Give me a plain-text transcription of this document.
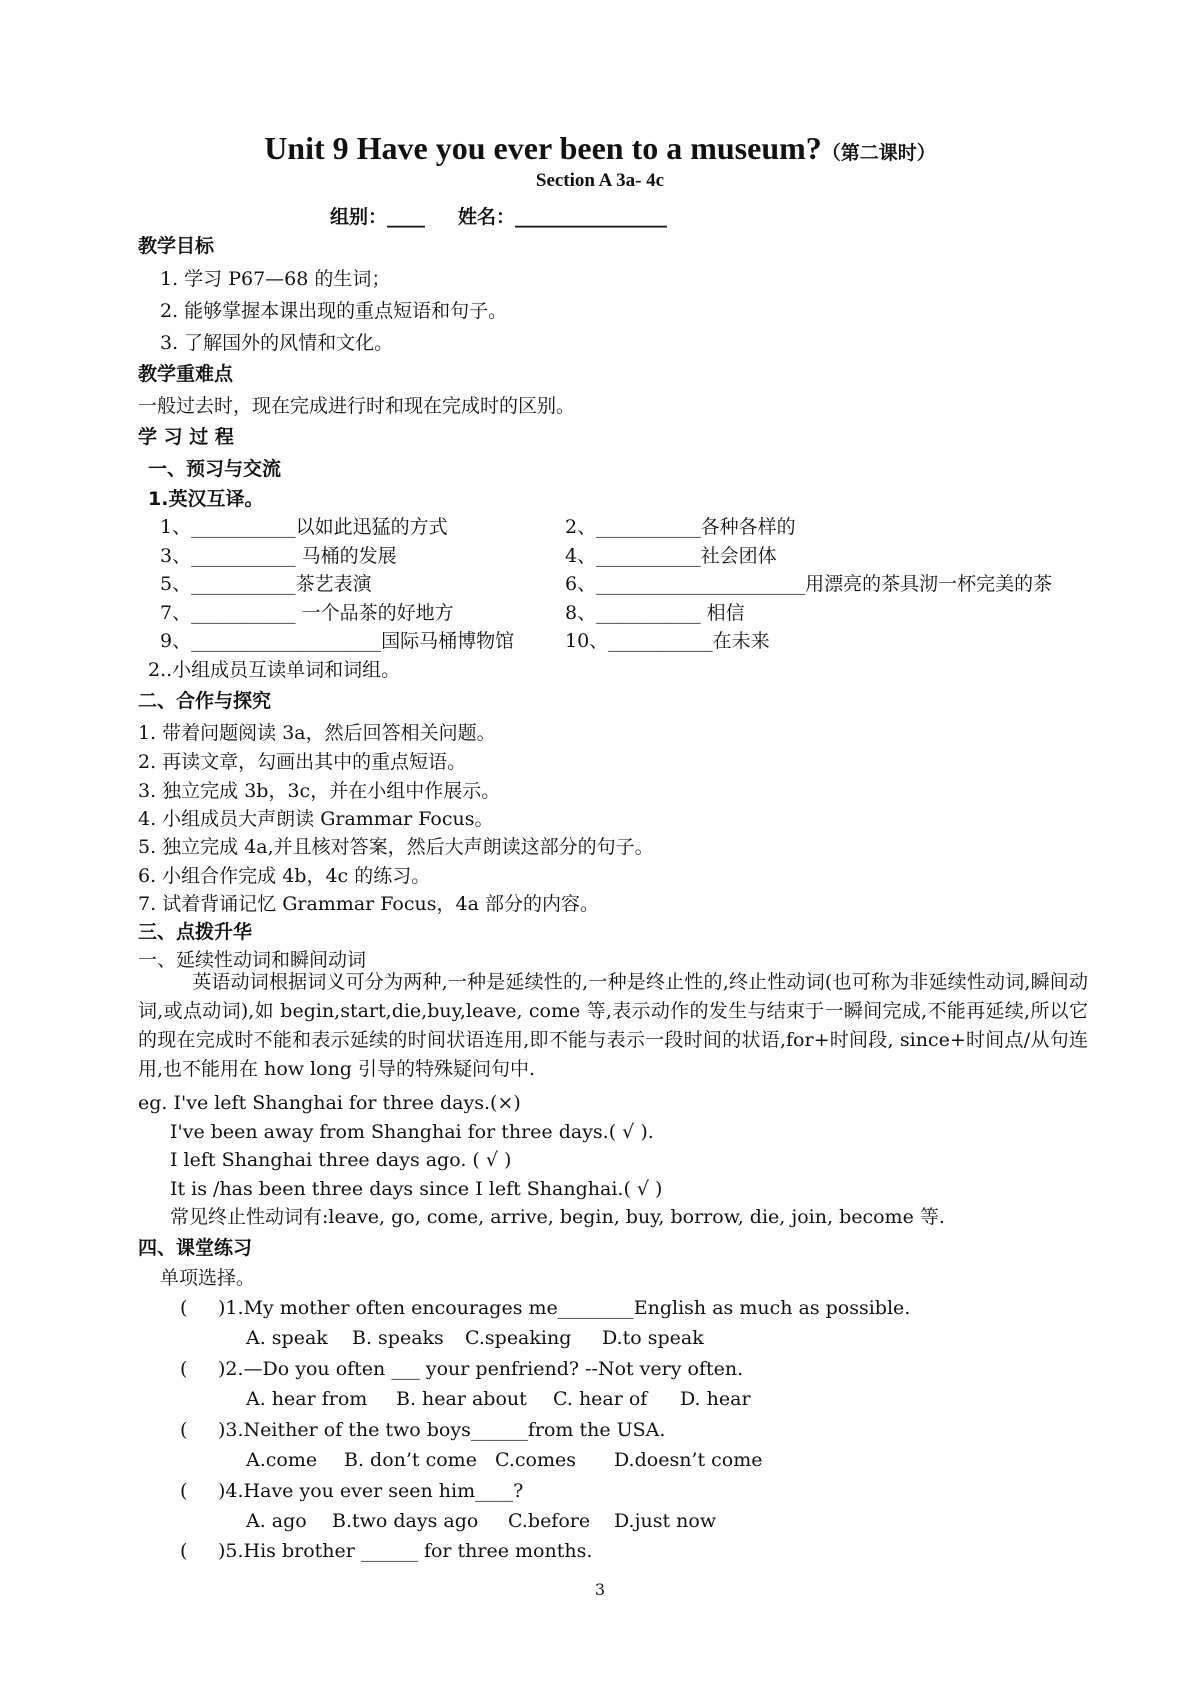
Unit 9 Have you ever been to a museum?（第二课时）
Section A 3a- 4c
组别：____ 姓名：________________
教学目标
1. 学习 P67—68 的生词；
2. 能够掌握本课出现的重点短语和句子。
3. 了解国外的风情和文化。
教学重难点
一般过去时，现在完成进行时和现在完成时的区别。
学 习 过 程
一、预习与交流
1.英汉互译。
1、___________以如此迅猛的方式	2、___________各种各样的
3、___________ 马桶的发展	4、___________社会团体
5、___________茶艺表演	6、______________________用漂亮的茶具沏一杯完美的茶
7、___________ 一个品茶的好地方	8、___________ 相信
9、____________________国际马桶博物馆	10、___________在未来
2..小组成员互读单词和词组。
二、合作与探究
1. 带着问题阅读 3a，然后回答相关问题。
2. 再读文章，勾画出其中的重点短语。
3. 独立完成 3b，3c，并在小组中作展示。
4. 小组成员大声朗读 Grammar Focus。
5. 独立完成 4a,并且核对答案，然后大声朗读这部分的句子。
6. 小组合作完成 4b，4c 的练习。
7. 试着背诵记忆 Grammar Focus，4a 部分的内容。
三、点拨升华
一、延续性动词和瞬间动词
英语动词根据词义可分为两种,一种是延续性的,一种是终止性的,终止性动词(也可称为非延续性动词,瞬间动词,或点动词),如 begin,start,die,buy,leave, come 等,表示动作的发生与结束于一瞬间完成,不能再延续,所以它的现在完成时不能和表示延续的时间状语连用,即不能与表示一段时间的状语,for+时间段, since+时间点/从句连用,也不能用在 how long 引导的特殊疑问句中.
eg. I've left Shanghai for three days.(×)
I've been away from Shanghai for three days.( √ ).
I left Shanghai three days ago. ( √ )
It is /has been three days since I left Shanghai.( √ )
常见终止性动词有:leave, go, come, arrive, begin, buy, borrow, die, join, become 等.
四、课堂练习
单项选择。
( )1.My mother often encourages me________English as much as possible.
A. speak B. speaks C.speaking D.to speak
( )2.—Do you often ___ your penfriend? --Not very often.
A. hear from B. hear about C. hear of D. hear
( )3.Neither of the two boys______from the USA.
A.come B. don’t come C.comes D.doesn’t come
( )4.Have you ever seen him____?
A. ago B.two days ago C.before D.just now
( )5.His brother ______ for three months.
3
